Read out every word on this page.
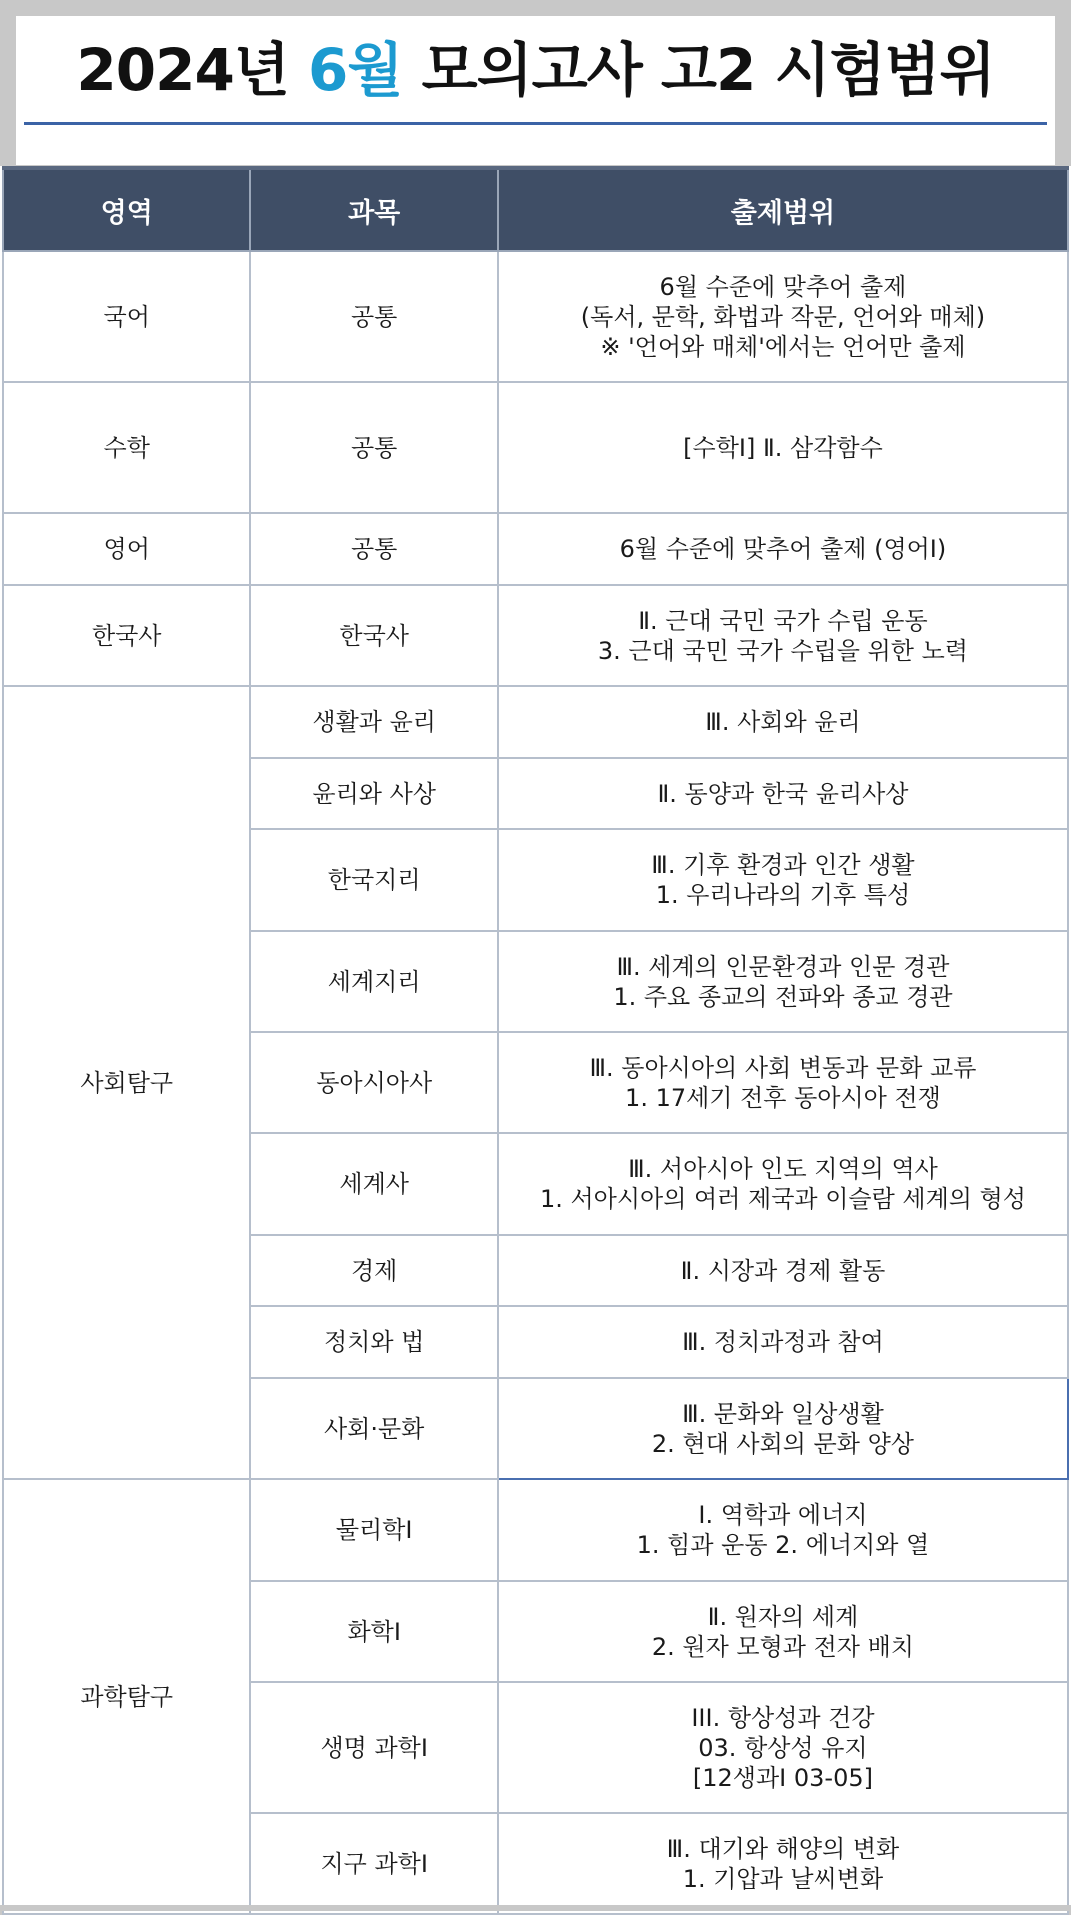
2024년 6월 모의고사 고2 시험범위
영역	과목	출제범위
국어	공통	6월 수준에 맞추어 출제
(독서, 문학, 화법과 작문, 언어와 매체)
※ '언어와 매체'에서는 언어만 출제

수학	공통	[수학Ⅰ] Ⅱ. 삼각함수

영어	공통	6월 수준에 맞추어 출제 (영어Ⅰ)

한국사	한국사	Ⅱ. 근대 국민 국가 수립 운동
3. 근대 국민 국가 수립을 위한 노력

사회탐구	생활과 윤리	Ⅲ. 사회와 윤리

	윤리와 사상	Ⅱ. 동양과 한국 윤리사상

	한국지리	Ⅲ. 기후 환경과 인간 생활
1. 우리나라의 기후 특성

	세계지리	Ⅲ. 세계의 인문환경과 인문 경관
1. 주요 종교의 전파와 종교 경관

	동아시아사	Ⅲ. 동아시아의 사회 변동과 문화 교류
1. 17세기 전후 동아시아 전쟁

	세계사	Ⅲ. 서아시아 인도 지역의 역사
1. 서아시아의 여러 제국과 이슬람 세계의 형성

	경제	Ⅱ. 시장과 경제 활동

	정치와 법	Ⅲ. 정치과정과 참여

	사회·문화	Ⅲ. 문화와 일상생활
2. 현대 사회의 문화 양상

과학탐구	물리학I	I. 역학과 에너지
1. 힘과 운동 2. 에너지와 열

	화학I	Ⅱ. 원자의 세계
2. 원자 모형과 전자 배치

	생명 과학I	III. 항상성과 건강
03. 항상성 유지
[12생과Ⅰ 03-05]

	지구 과학I	Ⅲ. 대기와 해양의 변화
1. 기압과 날씨변화
